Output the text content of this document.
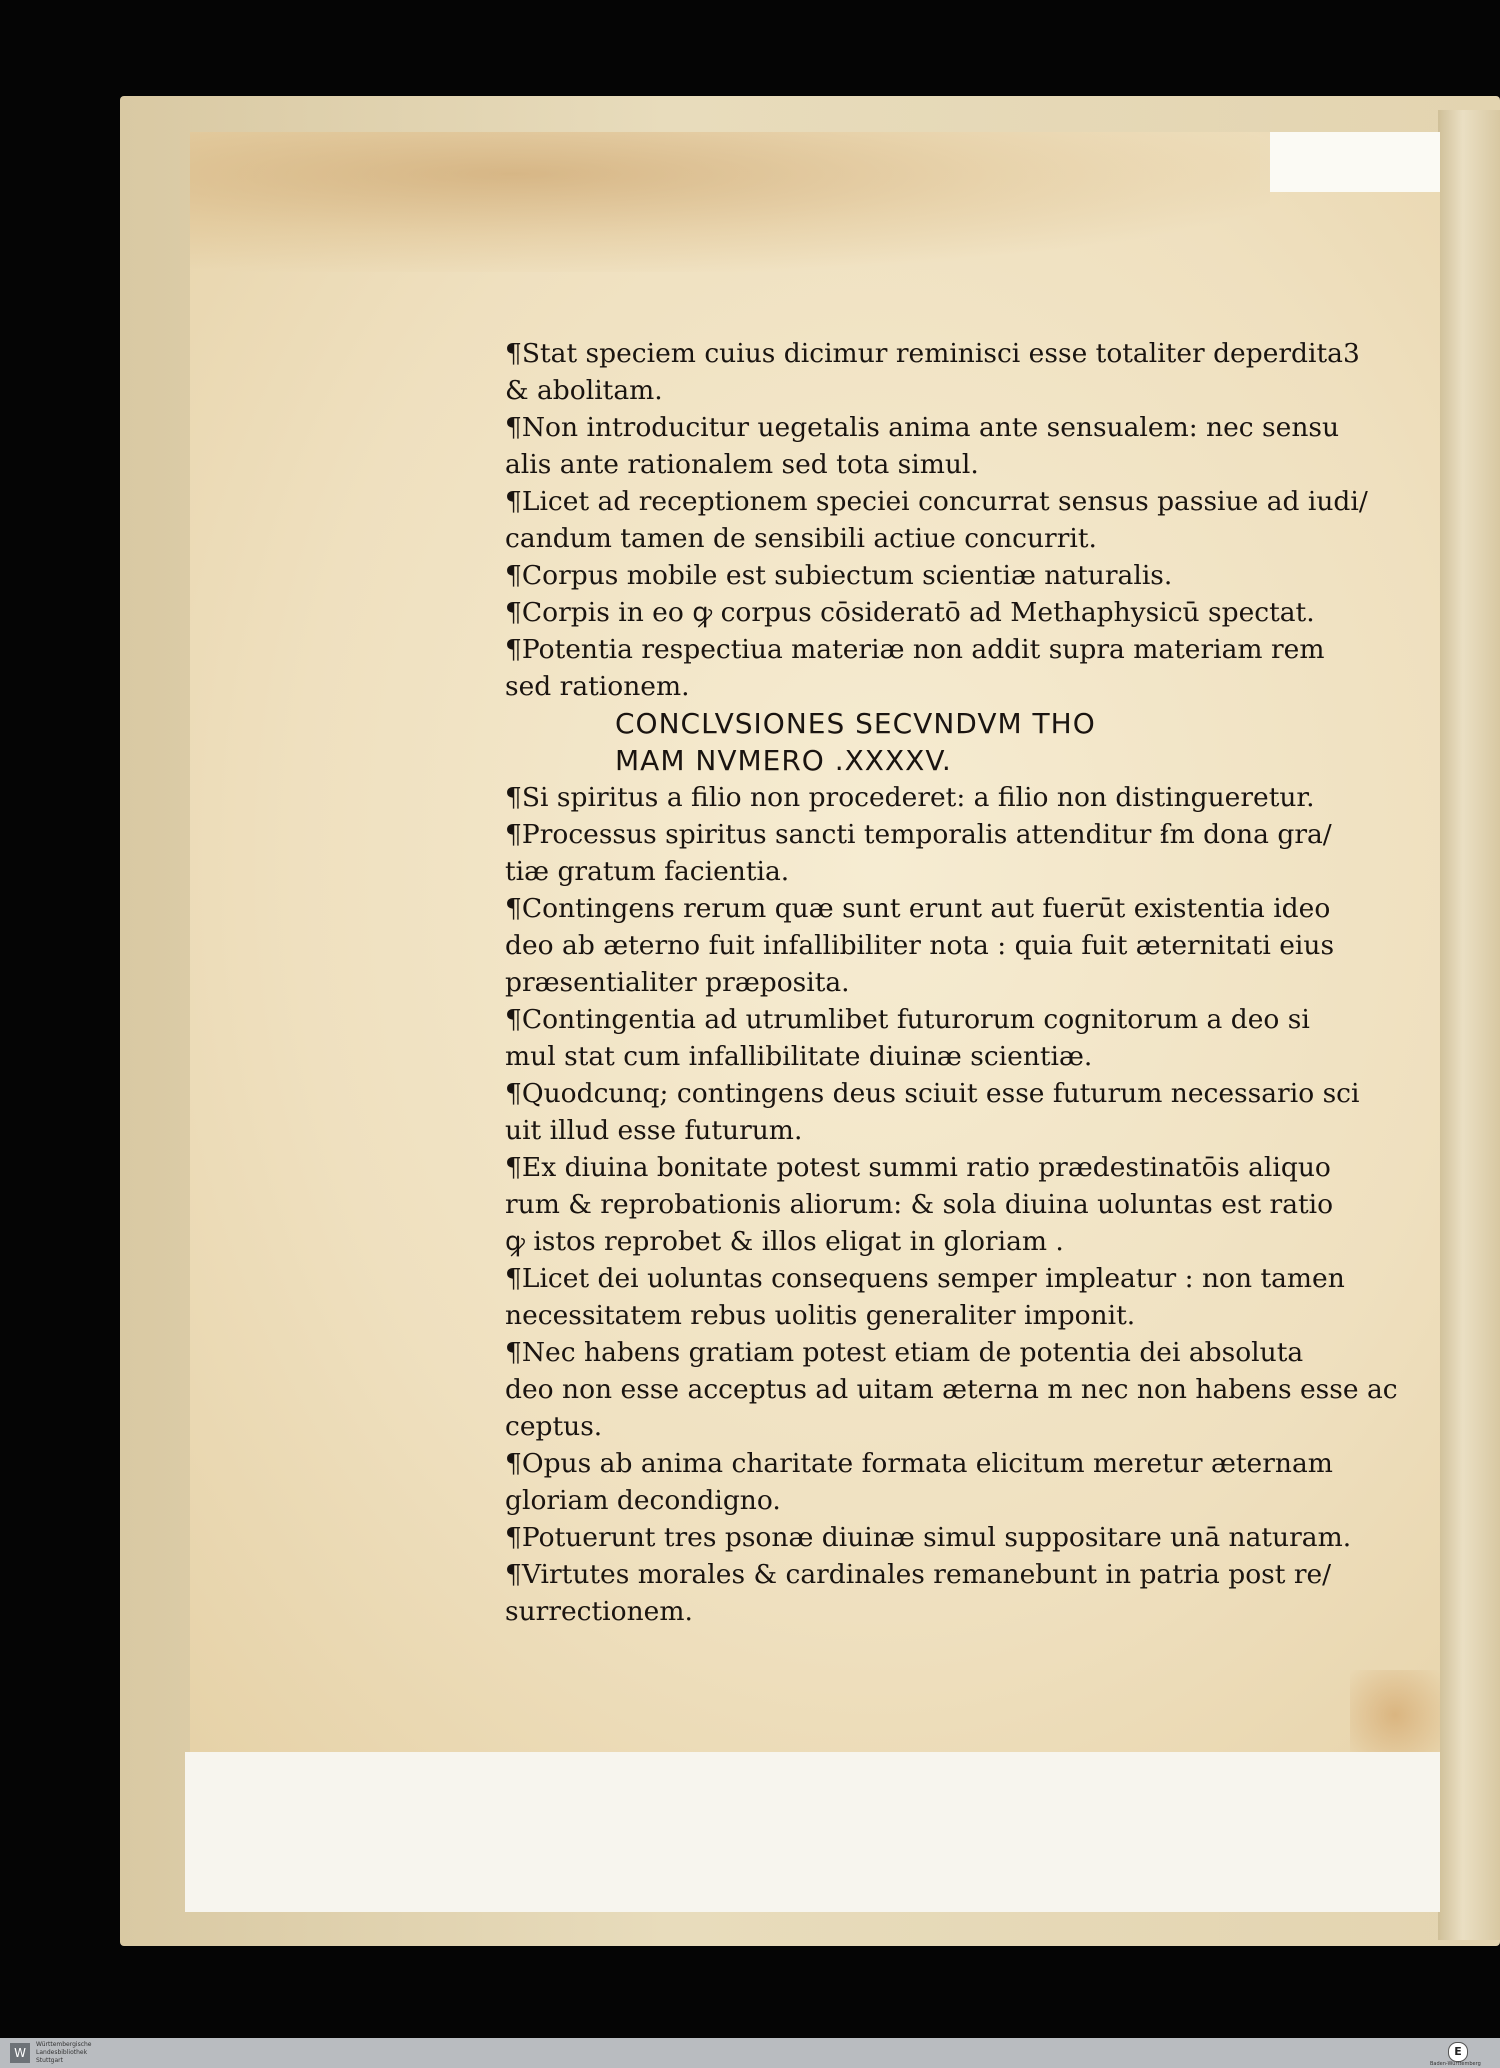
¶Stat speciem cuius dicimur reminisci esse totaliter deperdita3
& abolitam.
¶Non introducitur uegetalis anima ante sensualem: nec sensu
alis ante rationalem sed tota simul.
¶Licet ad receptionem speciei concurrat sensus passiue ad iudi/
candum tamen de sensibili actiue concurrit.
¶Corpus mobile est subiectum scientiæ naturalis.
¶Corpis in eo ꝙ corpus cōsideratō ad Methaphysicū spectat.
¶Potentia respectiua materiæ non addit supra materiam rem
sed rationem.
CONCLVSIONES SECVNDVM THO
MAM NVMERO .XXXXV.
¶Si spiritus a filio non procederet: a filio non distingueretur.
¶Processus spiritus sancti temporalis attenditur ẜm dona gra/
tiæ gratum facientia.
¶Contingens rerum quæ sunt erunt aut fuerūt existentia ideo
deo ab æterno fuit infallibiliter nota : quia fuit æternitati eius
præsentialiter præposita.
¶Contingentia ad utrumlibet futurorum cognitorum a deo si
mul stat cum infallibilitate diuinæ scientiæ.
¶Quodcunq; contingens deus sciuit esse futurum necessario sci
uit illud esse futurum.
¶Ex diuina bonitate potest summi ratio prædestinatōis aliquo
rum & reprobationis aliorum: & sola diuina uoluntas est ratio
ꝙ istos reprobet & illos eligat in gloriam .
¶Licet dei uoluntas consequens semper impleatur : non tamen
necessitatem rebus uolitis generaliter imponit.
¶Nec habens gratiam potest etiam de potentia dei absoluta
deo non esse acceptus ad uitam æterna m nec non habens esse ac
ceptus.
¶Opus ab anima charitate formata elicitum meretur æternam
gloriam decondigno.
¶Potuerunt tres psonæ diuinæ simul suppositare unā naturam.
¶Virtutes morales & cardinales remanebunt in patria post re/
surrectionem.
W
Württembergische
Landesbibliothek
Stuttgart
E
Baden-Württemberg
